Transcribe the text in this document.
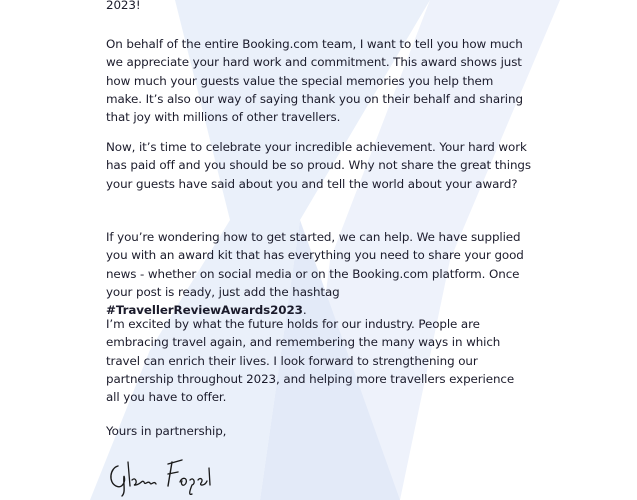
2023!

On behalf of the entire Booking.com team, I want to tell you how much we appreciate your hard work and commitment. This award shows just how much your guests value the special memories you help them make. It’s also our way of saying thank you on their behalf and sharing that joy with millions of other travellers.

Now, it’s time to celebrate your incredible achievement. Your hard work has paid off and you should be so proud. Why not share the great things your guests have said about you and tell the world about your award?

If you’re wondering how to get started, we can help. We have supplied you with an award kit that has everything you need to share your good news - whether on social media or on the Booking.com platform. Once your post is ready, just add the hashtag #TravellerReviewAwards2023.

I’m excited by what the future holds for our industry. People are embracing travel again, and remembering the many ways in which travel can enrich their lives. I look forward to strengthening our partnership throughout 2023, and helping more travellers experience all you have to offer.

Yours in partnership,
